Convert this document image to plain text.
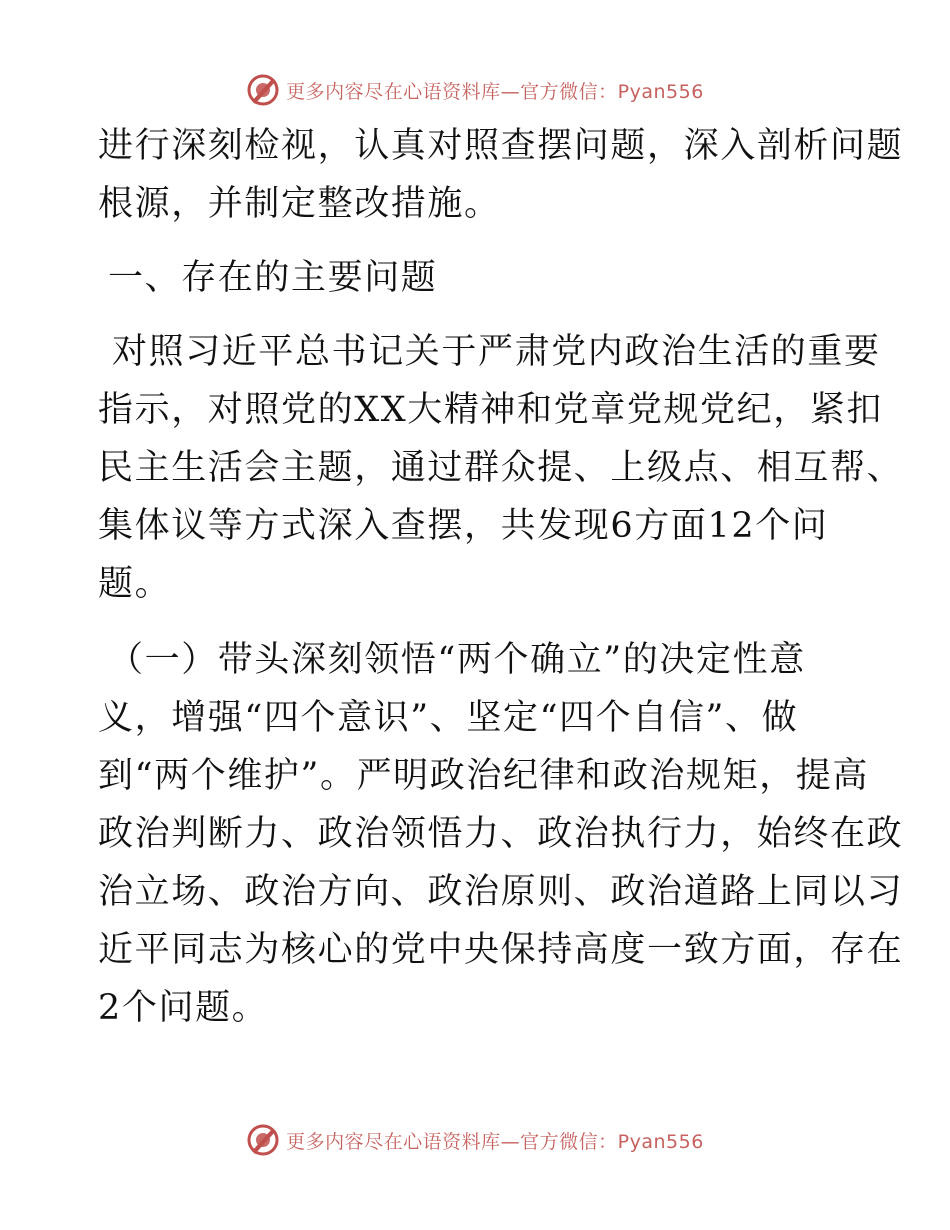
更多内容尽在心语资料库—官方微信：Pyan556
进行深刻检视，认真对照查摆问题，深入剖析问题
根源，并制定整改措施。
一、存在的主要问题
对照习近平总书记关于严肃党内政治生活的重要
指示，对照党的XX大精神和党章党规党纪，紧扣
民主生活会主题，通过群众提、上级点、相互帮、
集体议等方式深入查摆，共发现6方面12个问
题。
（一）带头深刻领悟“两个确立”的决定性意
义，增强“四个意识”、坚定“四个自信”、做
到“两个维护”。严明政治纪律和政治规矩，提高
政治判断力、政治领悟力、政治执行力，始终在政
治立场、政治方向、政治原则、政治道路上同以习
近平同志为核心的党中央保持高度一致方面，存在
2个问题。
更多内容尽在心语资料库—官方微信：Pyan556
